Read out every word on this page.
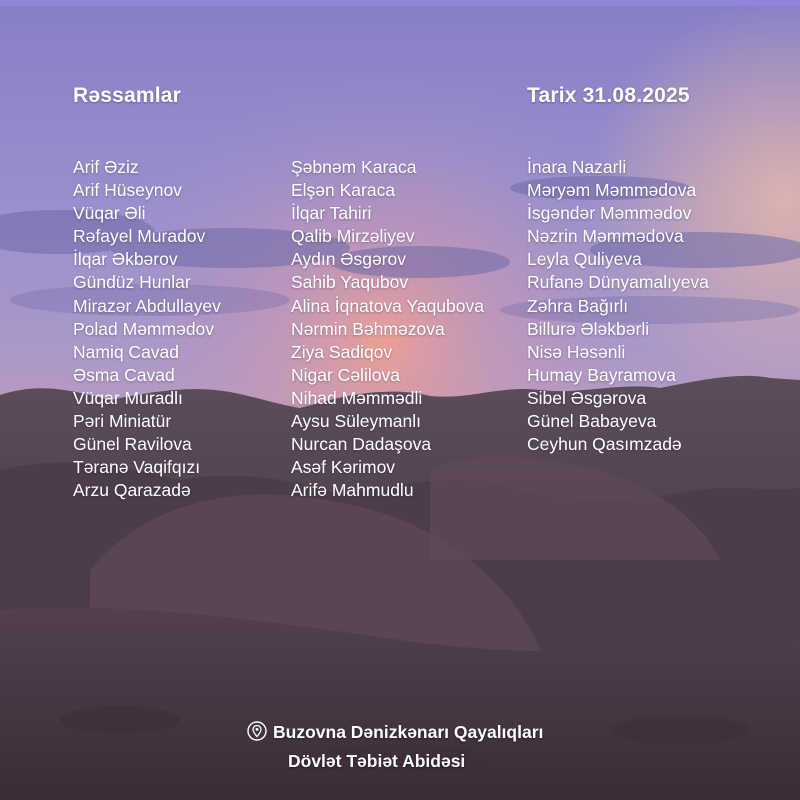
Rəssamlar	Tarix 31.08.2025
Arif Əziz
Arif Hüseynov
Vüqar Əli
Rəfayel Muradov
İlqar Əkbərov
Gündüz Hunlar
Mirazər Abdullayev
Polad Məmmədov
Namiq Cavad
Əsma Cavad
Vüqar Muradlı
Pəri Miniatür
Günel Ravilova
Təranə Vaqifqızı
Arzu Qarazadə
Şəbnəm Karaca
Elşən Karaca
İlqar Tahiri
Qalib Mirzəliyev
Aydın Əsgərov
Sahib Yaqubov
Alina İqnatova Yaqubova
Nərmin Bəhməzova
Ziya Sadiqov
Nigar Cəlilova
Nihad Məmmədli
Aysu Süleymanlı
Nurcan Dadaşova
Asəf Kərimov
Arifə Mahmudlu
İnara Nazarli
Məryəm Məmmədova
İsgəndər Məmmədov
Nəzrin Məmmədova
Leyla Quliyeva
Rufanə Dünyamalıyeva
Zəhra Bağırlı
Billurə Ələkbərli
Nisə Həsənli
Humay Bayramova
Sibel Əsgərova
Günel Babayeva
Ceyhun Qasımzadə
Buzovna Dənizkənarı Qayalıqları
Dövlət Təbiət Abidəsi
